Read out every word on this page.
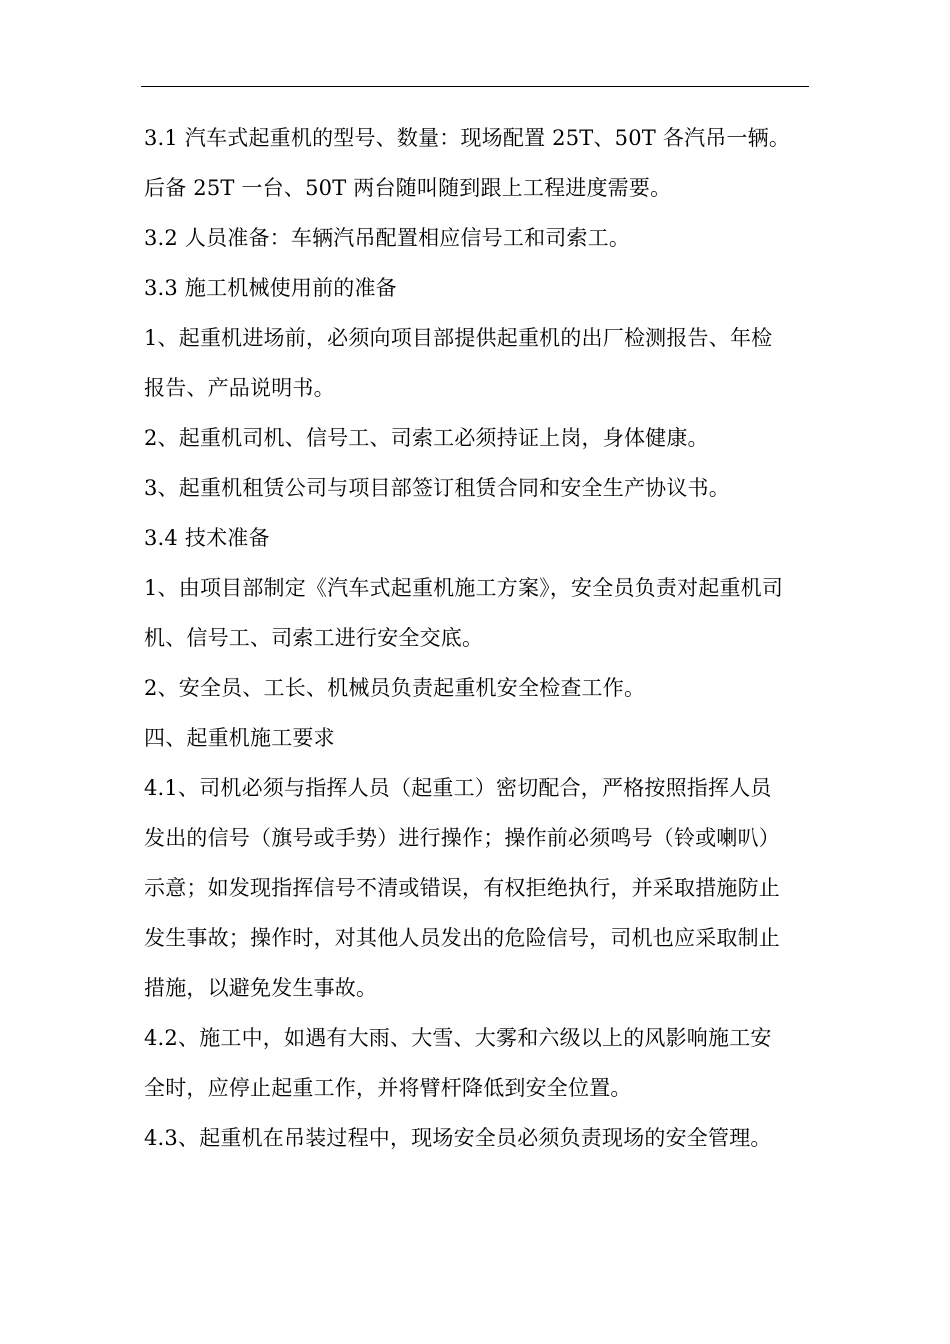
3.1 汽车式起重机的型号、数量：现场配置 25T、50T 各汽吊一辆。
后备 25T 一台、50T 两台随叫随到跟上工程进度需要。
3.2 人员准备：车辆汽吊配置相应信号工和司索工。
3.3 施工机械使用前的准备
1、起重机进场前，必须向项目部提供起重机的出厂检测报告、年检
报告、产品说明书。
2、起重机司机、信号工、司索工必须持证上岗，身体健康。
3、起重机租赁公司与项目部签订租赁合同和安全生产协议书。
3.4 技术准备
1、由项目部制定《汽车式起重机施工方案》，安全员负责对起重机司
机、信号工、司索工进行安全交底。
2、安全员、工长、机械员负责起重机安全检查工作。
四、起重机施工要求
4.1、司机必须与指挥人员（起重工）密切配合，严格按照指挥人员
发出的信号（旗号或手势）进行操作；操作前必须鸣号（铃或喇叭）
示意；如发现指挥信号不清或错误，有权拒绝执行，并采取措施防止
发生事故；操作时，对其他人员发出的危险信号，司机也应采取制止
措施，以避免发生事故。
4.2、施工中，如遇有大雨、大雪、大雾和六级以上的风影响施工安
全时，应停止起重工作，并将臂杆降低到安全位置。
4.3、起重机在吊装过程中，现场安全员必须负责现场的安全管理。
